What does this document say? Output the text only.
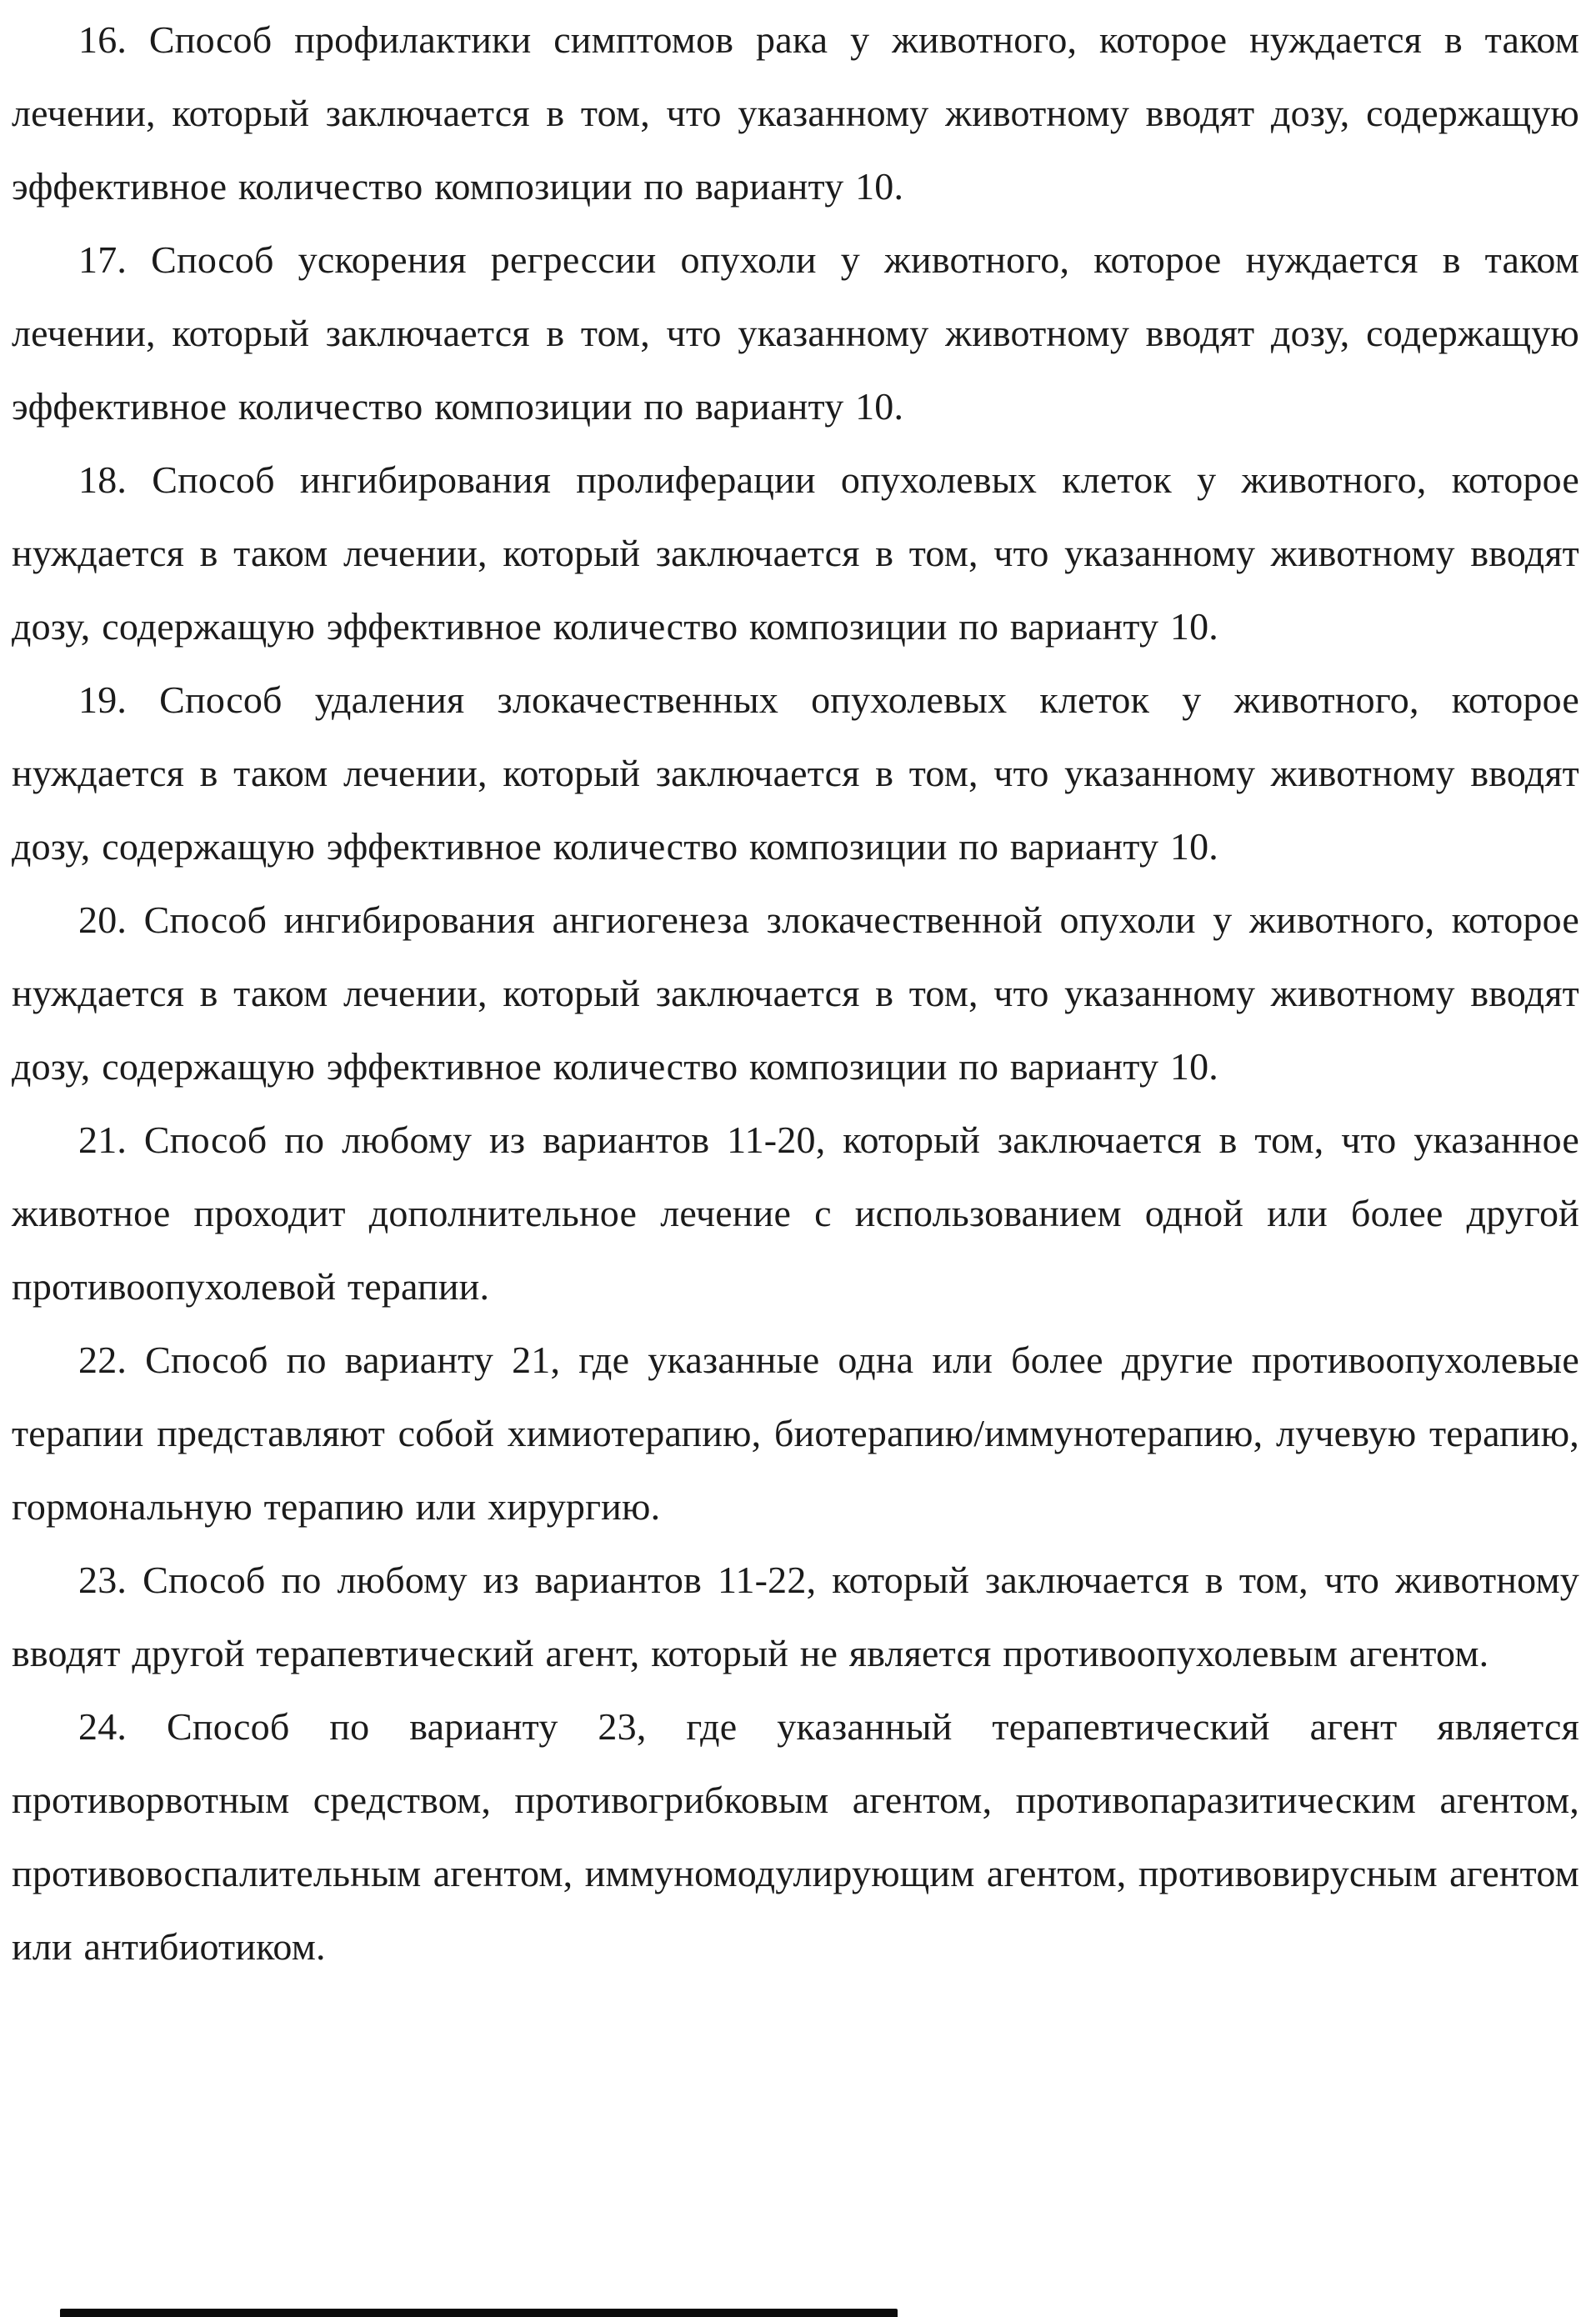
16. Способ профилактики симптомов рака у животного, которое нуждается в таком лечении, который заключается в том, что указанному животному вводят дозу, содержащую эффективное количество композиции по варианту 10.

17. Способ ускорения регрессии опухоли у животного, которое нуждается в таком лечении, который заключается в том, что указанному животному вводят дозу, содержащую эффективное количество композиции по варианту 10.

18. Способ ингибирования пролиферации опухолевых клеток у животного, которое нуждается в таком лечении, который заключается в том, что указанному животному вводят дозу, содержащую эффективное количество композиции по варианту 10.

19. Способ удаления злокачественных опухолевых клеток у животного, которое нуждается в таком лечении, который заключается в том, что указанному животному вводят дозу, содержащую эффективное количество композиции по варианту 10.

20. Способ ингибирования ангиогенеза злокачественной опухоли у животного, которое нуждается в таком лечении, который заключается в том, что указанному животному вводят дозу, содержащую эффективное количество композиции по варианту 10.

21. Способ по любому из вариантов 11-20, который заключается в том, что указанное животное проходит дополнительное лечение с использованием одной или более другой противоопухолевой терапии.

22. Способ по варианту 21, где указанные одна или более другие противоопухолевые терапии представляют собой химиотерапию, биотерапию/иммунотерапию, лучевую терапию, гормональную терапию или хирургию.

23. Способ по любому из вариантов 11-22, который заключается в том, что животному вводят другой терапевтический агент, который не является противоопухолевым агентом.

24. Способ по варианту 23, где указанный терапевтический агент является противорвотным средством, противогрибковым агентом, противопаразитическим агентом, противовоспалительным агентом, иммуномодулирующим агентом, противовирусным агентом или антибиотиком.
